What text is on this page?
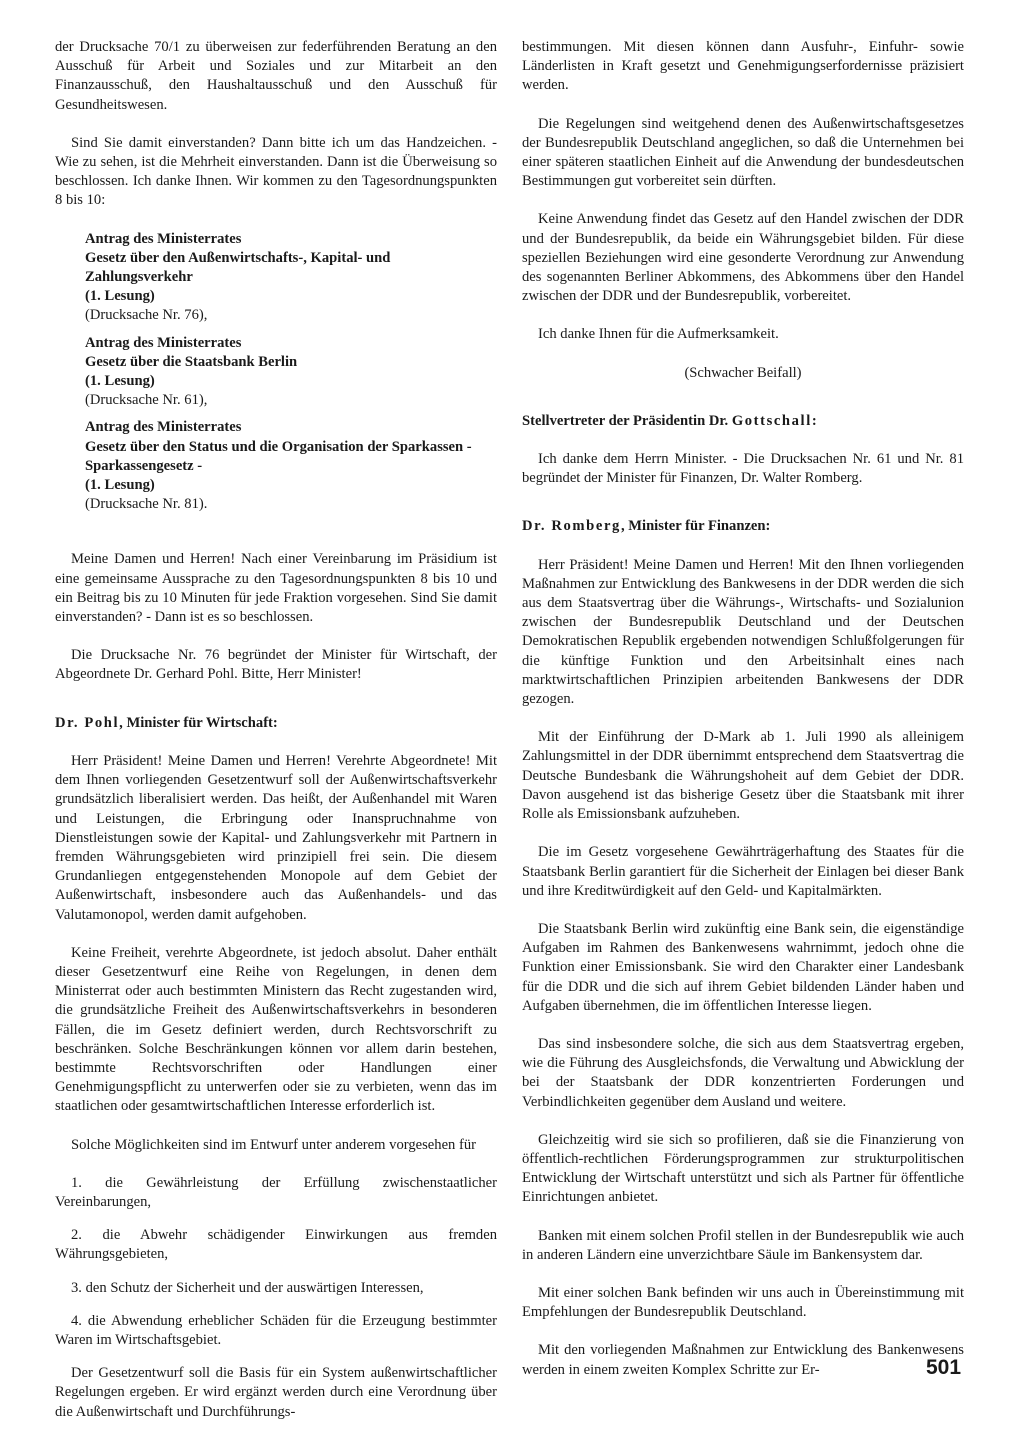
der Drucksache 70/1 zu überweisen zur federführenden Beratung an den Ausschuß für Arbeit und Soziales und zur Mitarbeit an den Finanzausschuß, den Haushaltausschuß und den Ausschuß für Gesundheitswesen.

Sind Sie damit einverstanden? Dann bitte ich um das Handzeichen. - Wie zu sehen, ist die Mehrheit einverstanden. Dann ist die Überweisung so beschlossen. Ich danke Ihnen. Wir kommen zu den Tagesordnungspunkten 8 bis 10:

Antrag des Ministerrates
Gesetz über den Außenwirtschafts-, Kapital- und Zahlungsverkehr
(1. Lesung)
(Drucksache Nr. 76),
Antrag des Ministerrates
Gesetz über die Staatsbank Berlin
(1. Lesung)
(Drucksache Nr. 61),
Antrag des Ministerrates
Gesetz über den Status und die Organisation der Sparkassen - Sparkassengesetz -
(1. Lesung)
(Drucksache Nr. 81).

Meine Damen und Herren! Nach einer Vereinbarung im Präsidium ist eine gemeinsame Aussprache zu den Tagesordnungspunkten 8 bis 10 und ein Beitrag bis zu 10 Minuten für jede Fraktion vorgesehen. Sind Sie damit einverstanden? - Dann ist es so beschlossen.

Die Drucksache Nr. 76 begründet der Minister für Wirtschaft, der Abgeordnete Dr. Gerhard Pohl. Bitte, Herr Minister!

Dr. Pohl, Minister für Wirtschaft:

Herr Präsident! Meine Damen und Herren! Verehrte Abgeordnete! Mit dem Ihnen vorliegenden Gesetzentwurf soll der Außenwirtschaftsverkehr grundsätzlich liberalisiert werden. Das heißt, der Außenhandel mit Waren und Leistungen, die Erbringung oder Inanspruchnahme von Dienstleistungen sowie der Kapital- und Zahlungsverkehr mit Partnern in fremden Währungsgebieten wird prinzipiell frei sein. Die diesem Grundanliegen entgegenstehenden Monopole auf dem Gebiet der Außenwirtschaft, insbesondere auch das Außenhandels- und das Valutamonopol, werden damit aufgehoben.

Keine Freiheit, verehrte Abgeordnete, ist jedoch absolut. Daher enthält dieser Gesetzentwurf eine Reihe von Regelungen, in denen dem Ministerrat oder auch bestimmten Ministern das Recht zugestanden wird, die grundsätzliche Freiheit des Außenwirtschaftsverkehrs in besonderen Fällen, die im Gesetz definiert werden, durch Rechtsvorschrift zu beschränken. Solche Beschränkungen können vor allem darin bestehen, bestimmte Rechtsvorschriften oder Handlungen einer Genehmigungspflicht zu unterwerfen oder sie zu verbieten, wenn das im staatlichen oder gesamtwirtschaftlichen Interesse erforderlich ist.

Solche Möglichkeiten sind im Entwurf unter anderem vorgesehen für

1. die Gewährleistung der Erfüllung zwischenstaatlicher Vereinbarungen,
2. die Abwehr schädigender Einwirkungen aus fremden Währungsgebieten,
3. den Schutz der Sicherheit und der auswärtigen Interessen,
4. die Abwendung erheblicher Schäden für die Erzeugung bestimmter Waren im Wirtschaftsgebiet.

Der Gesetzentwurf soll die Basis für ein System außenwirtschaftlicher Regelungen ergeben. Er wird ergänzt werden durch eine Verordnung über die Außenwirtschaft und Durchführungs-

bestimmungen. Mit diesen können dann Ausfuhr-, Einfuhr- sowie Länderlisten in Kraft gesetzt und Genehmigungserfordernisse präzisiert werden.

Die Regelungen sind weitgehend denen des Außenwirtschaftsgesetzes der Bundesrepublik Deutschland angeglichen, so daß die Unternehmen bei einer späteren staatlichen Einheit auf die Anwendung der bundesdeutschen Bestimmungen gut vorbereitet sein dürften.

Keine Anwendung findet das Gesetz auf den Handel zwischen der DDR und der Bundesrepublik, da beide ein Währungsgebiet bilden. Für diese speziellen Beziehungen wird eine gesonderte Verordnung zur Anwendung des sogenannten Berliner Abkommens, des Abkommens über den Handel zwischen der DDR und der Bundesrepublik, vorbereitet.

Ich danke Ihnen für die Aufmerksamkeit.

(Schwacher Beifall)

Stellvertreter der Präsidentin Dr. Gottschall:

Ich danke dem Herrn Minister. - Die Drucksachen Nr. 61 und Nr. 81 begründet der Minister für Finanzen, Dr. Walter Romberg.

Dr. Romberg, Minister für Finanzen:

Herr Präsident! Meine Damen und Herren! Mit den Ihnen vorliegenden Maßnahmen zur Entwicklung des Bankwesens in der DDR werden die sich aus dem Staatsvertrag über die Währungs-, Wirtschafts- und Sozialunion zwischen der Bundesrepublik Deutschland und der Deutschen Demokratischen Republik ergebenden notwendigen Schlußfolgerungen für die künftige Funktion und den Arbeitsinhalt eines nach marktwirtschaftlichen Prinzipien arbeitenden Bankwesens der DDR gezogen.

Mit der Einführung der D-Mark ab 1. Juli 1990 als alleinigem Zahlungsmittel in der DDR übernimmt entsprechend dem Staatsvertrag die Deutsche Bundesbank die Währungshoheit auf dem Gebiet der DDR. Davon ausgehend ist das bisherige Gesetz über die Staatsbank mit ihrer Rolle als Emissionsbank aufzuheben.

Die im Gesetz vorgesehene Gewährträgerhaftung des Staates für die Staatsbank Berlin garantiert für die Sicherheit der Einlagen bei dieser Bank und ihre Kreditwürdigkeit auf den Geld- und Kapitalmärkten.

Die Staatsbank Berlin wird zukünftig eine Bank sein, die eigenständige Aufgaben im Rahmen des Bankenwesens wahrnimmt, jedoch ohne die Funktion einer Emissionsbank. Sie wird den Charakter einer Landesbank für die DDR und die sich auf ihrem Gebiet bildenden Länder haben und Aufgaben übernehmen, die im öffentlichen Interesse liegen.

Das sind insbesondere solche, die sich aus dem Staatsvertrag ergeben, wie die Führung des Ausgleichsfonds, die Verwaltung und Abwicklung der bei der Staatsbank der DDR konzentrierten Forderungen und Verbindlichkeiten gegenüber dem Ausland und weitere.

Gleichzeitig wird sie sich so profilieren, daß sie die Finanzierung von öffentlich-rechtlichen Förderungsprogrammen zur strukturpolitischen Entwicklung der Wirtschaft unterstützt und sich als Partner für öffentliche Einrichtungen anbietet.

Banken mit einem solchen Profil stellen in der Bundesrepublik wie auch in anderen Ländern eine unverzichtbare Säule im Bankensystem dar.

Mit einer solchen Bank befinden wir uns auch in Übereinstimmung mit Empfehlungen der Bundesrepublik Deutschland.

Mit den vorliegenden Maßnahmen zur Entwicklung des Bankenwesens werden in einem zweiten Komplex Schritte zur Er-	501
